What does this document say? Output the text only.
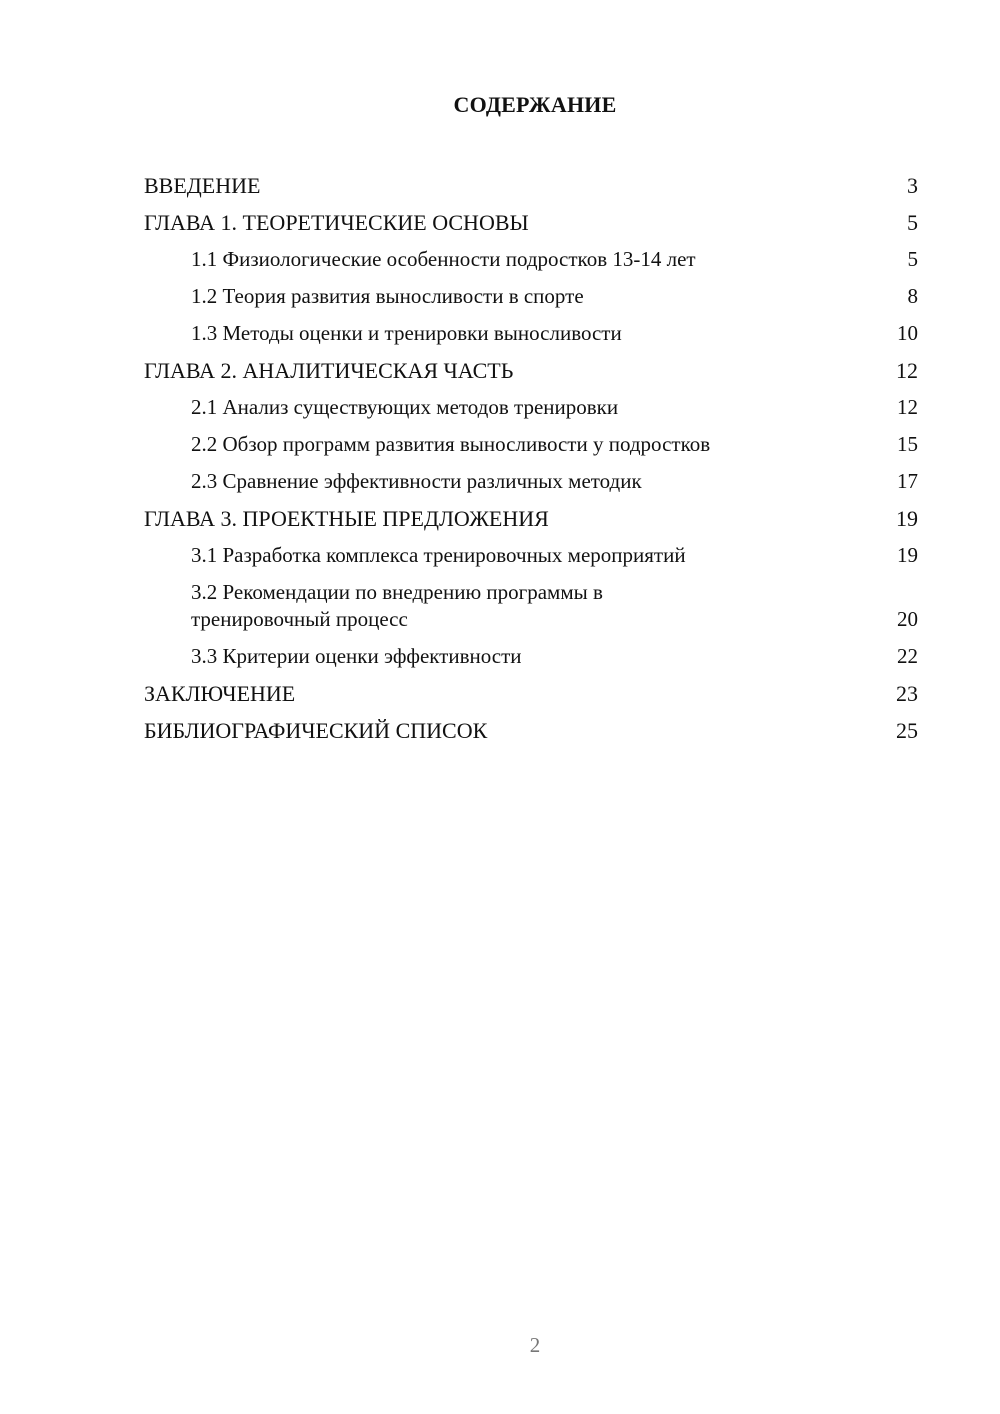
СОДЕРЖАНИЕ
ВВЕДЕНИЕ	3
ГЛАВА 1. ТЕОРЕТИЧЕСКИЕ ОСНОВЫ	5
1.1 Физиологические особенности подростков 13-14 лет	5
1.2 Теория развития выносливости в спорте	8
1.3 Методы оценки и тренировки выносливости	10
ГЛАВА 2. АНАЛИТИЧЕСКАЯ ЧАСТЬ	12
2.1 Анализ существующих методов тренировки	12
2.2 Обзор программ развития выносливости у подростков	15
2.3 Сравнение эффективности различных методик	17
ГЛАВА 3. ПРОЕКТНЫЕ ПРЕДЛОЖЕНИЯ	19
3.1 Разработка комплекса тренировочных мероприятий	19
3.2 Рекомендации по внедрению программы в
тренировочный процесс	20
3.3 Критерии оценки эффективности	22
ЗАКЛЮЧЕНИЕ	23
БИБЛИОГРАФИЧЕСКИЙ СПИСОК	25
2
